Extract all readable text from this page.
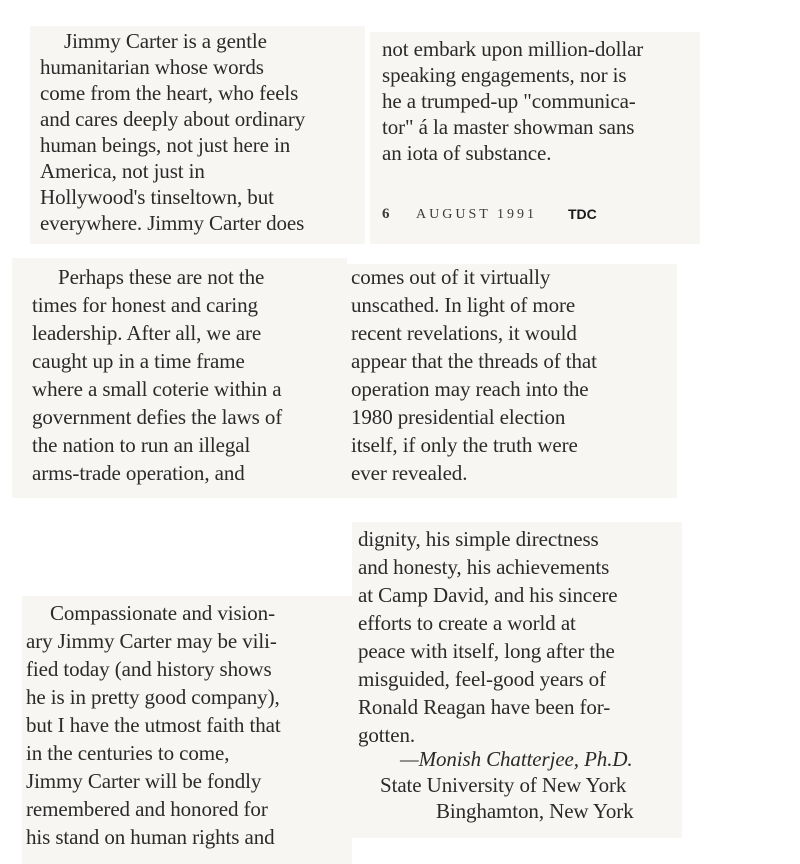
Jimmy Carter is a gentle
humanitarian whose words
come from the heart, who feels
and cares deeply about ordinary
human beings, not just here in
America, not just in
Hollywood's tinseltown, but
everywhere. Jimmy Carter does
not embark upon million-dollar
speaking engagements, nor is
he a trumped-up "communica-
tor" á la master showman sans
an iota of substance.
6 AUGUST 1991 TDC
Perhaps these are not the
times for honest and caring
leadership. After all, we are
caught up in a time frame
where a small coterie within a
government defies the laws of
the nation to run an illegal
arms-trade operation, and
comes out of it virtually
unscathed. In light of more
recent revelations, it would
appear that the threads of that
operation may reach into the
1980 presidential election
itself, if only the truth were
ever revealed.
Compassionate and vision-
ary Jimmy Carter may be vili-
fied today (and history shows
he is in pretty good company),
but I have the utmost faith that
in the centuries to come,
Jimmy Carter will be fondly
remembered and honored for
his stand on human rights and
dignity, his simple directness
and honesty, his achievements
at Camp David, and his sincere
efforts to create a world at
peace with itself, long after the
misguided, feel-good years of
Ronald Reagan have been for-
gotten.
—Monish Chatterjee, Ph.D.
State University of New York
Binghamton, New York
